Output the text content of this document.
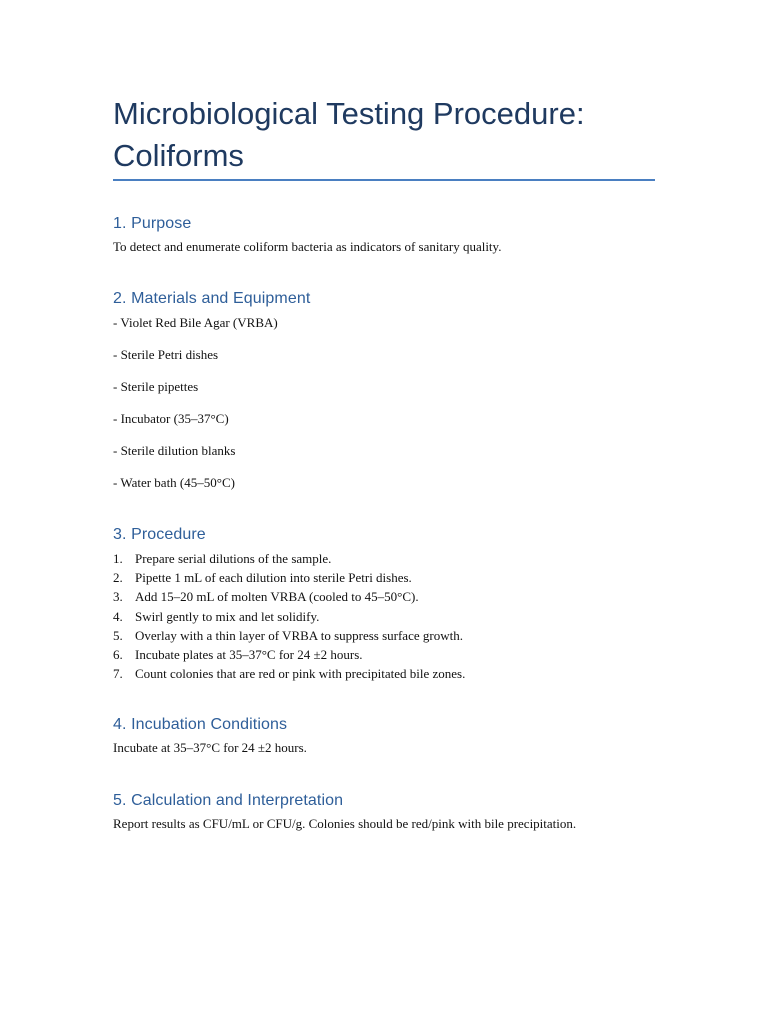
Microbiological Testing Procedure: Coliforms
1. Purpose

To detect and enumerate coliform bacteria as indicators of sanitary quality.

2. Materials and Equipment

- Violet Red Bile Agar (VRBA)

- Sterile Petri dishes

- Sterile pipettes

- Incubator (35–37°C)

- Sterile dilution blanks

- Water bath (45–50°C)

3. Procedure
1. Prepare serial dilutions of the sample.
2. Pipette 1 mL of each dilution into sterile Petri dishes.
3. Add 15–20 mL of molten VRBA (cooled to 45–50°C).
4. Swirl gently to mix and let solidify.
5. Overlay with a thin layer of VRBA to suppress surface growth.
6. Incubate plates at 35–37°C for 24 ±2 hours.
7. Count colonies that are red or pink with precipitated bile zones.
4. Incubation Conditions

Incubate at 35–37°C for 24 ±2 hours.

5. Calculation and Interpretation

Report results as CFU/mL or CFU/g. Colonies should be red/pink with bile precipitation.
